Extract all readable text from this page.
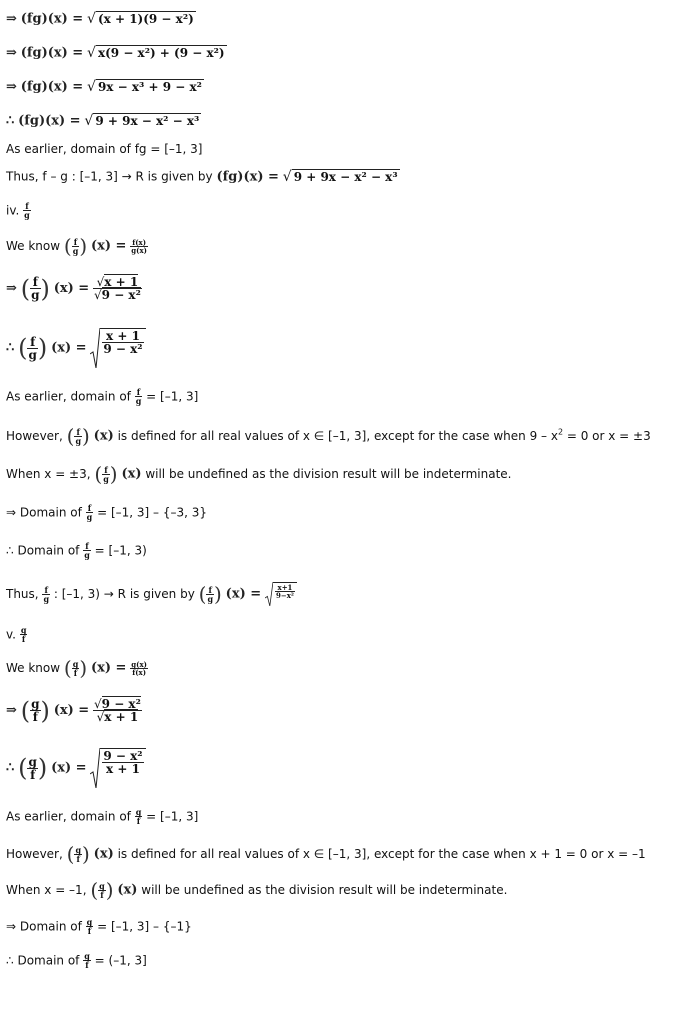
⇒ (fg)(x) = √ (x + 1)(9 − x²)
⇒ (fg)(x) = √ x(9 − x²) + (9 − x²)
⇒ (fg)(x) = √ 9x − x³ + 9 − x²
∴ (fg)(x) = √ 9 + 9x − x² − x³
As earlier, domain of fg = [–1, 3]
Thus, f – g : [–1, 3] → R is given by (fg)(x) = √ 9 + 9x − x² − x³
iv. $\frac{f}{g}$
We know ( $\frac{f}{g}$ ) $(x) = \frac{f(x)}{g(x)}$
⇒ ( $\frac{f}{g}$ ) $(x) = \frac{√x + 1}{\text{√9 − x²}}$
∴ ( $\frac{f}{g}$ ) $(x) = \frac{x + 1}{\text{9 − x²}}$
As earlier, domain of $\frac{f}{g} = [-1$, 3]
However, ( $\frac{f}{g}$ ) (x) is defined for all real values of x ∈ [–1, 3], except for the case when $9 - x^2 = 0$ or x = ±3
When x = ±3, ( $\frac{f}{g}$ ) (x) will be undefined as the division result will be indeterminate.
⇒ Domain of $\frac{f}{g} = [-1$, 3] – {–3, 3}
∴ Domain of $\frac{f}{g} = [-1$, 3)
Thus, $\frac{f}{g}$ : [–1, 3) → R is given by ( $\frac{f}{g}$ ) $(x) = \frac{x+1}{\text{9−x²}}$
v. $\frac{g}{f}$
We know ( $\frac{g}{f}$ ) $(x) = \frac{g(x)}{f(x)}$
⇒ ( $\frac{g}{f}$ ) $(x) = \frac{\text{√9 − x²}}{√x + 1}$
∴ ( $\frac{g}{f}$ ) $(x) = \frac{\text{9 − x²}}{x + 1}$
As earlier, domain of $\frac{g}{f} = [-1$, 3]
However, ( $\frac{g}{f}$ ) (x) is defined for all real values of x ∈ [–1, 3], except for the case when x + 1 = 0 or x = –1
When x = –1, ( $\frac{g}{f}$ ) (x) will be undefined as the division result will be indeterminate.
⇒ Domain of $\frac{g}{f} = [-1$, 3] – {–1}
∴ Domain of $\frac{g}{f} = (-1$, 3]
